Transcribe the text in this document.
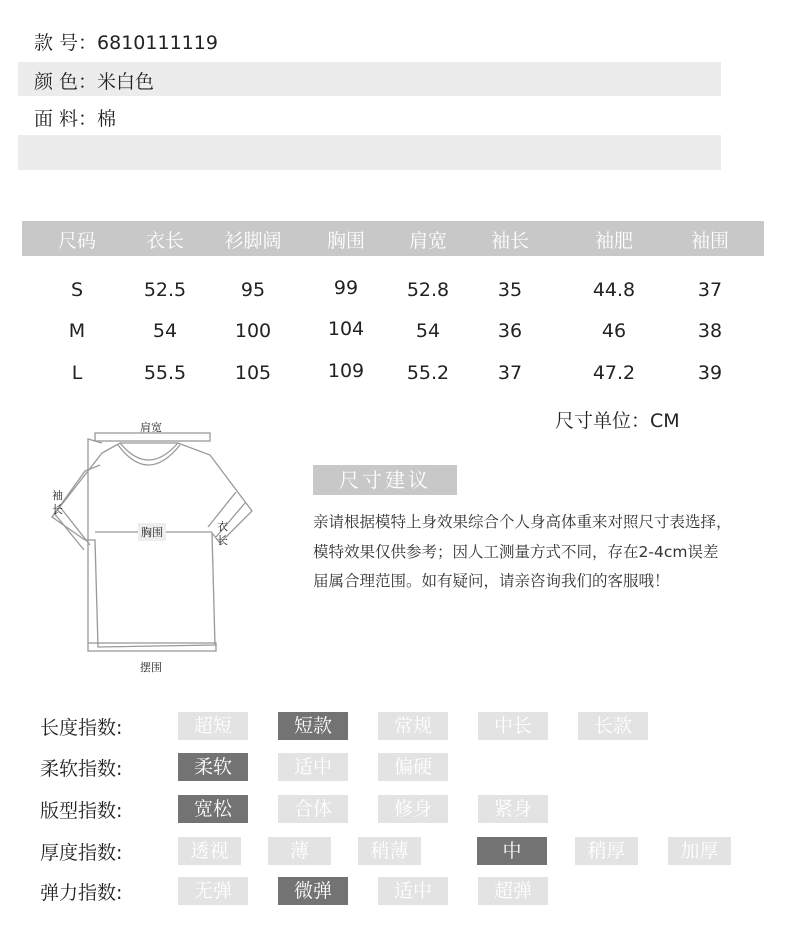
款 号：6810111119
颜 色：米白色
面 料：棉
尺码	衣长 衫脚阔 胸围 肩宽 袖长	袖肥	袖围
S	52.5	95	99	52.8	35	44.8	37
M	54	100	104	54	36	46	38
L	55.5	105	109 55.2	37	47.2	39
尺寸单位：CM
肩宽
袖
长
胸围	衣
长
摆围
尺寸建议
亲请根据模特上身效果综合个人身高体重来对照尺寸表选择，模特效果仅供参考；因人工测量方式不同，存在2-4cm误差届属合理范围。如有疑问，请亲咨询我们的客服哦！
长度指数:	超短	短款	常规	中长	长款
柔软指数:	柔软	适中	偏硬
版型指数:	宽松	合体	修身	紧身
厚度指数:	透视	薄	稍薄	中	稍厚	加厚
弹力指数:	无弹	微弹	适中	超弹
